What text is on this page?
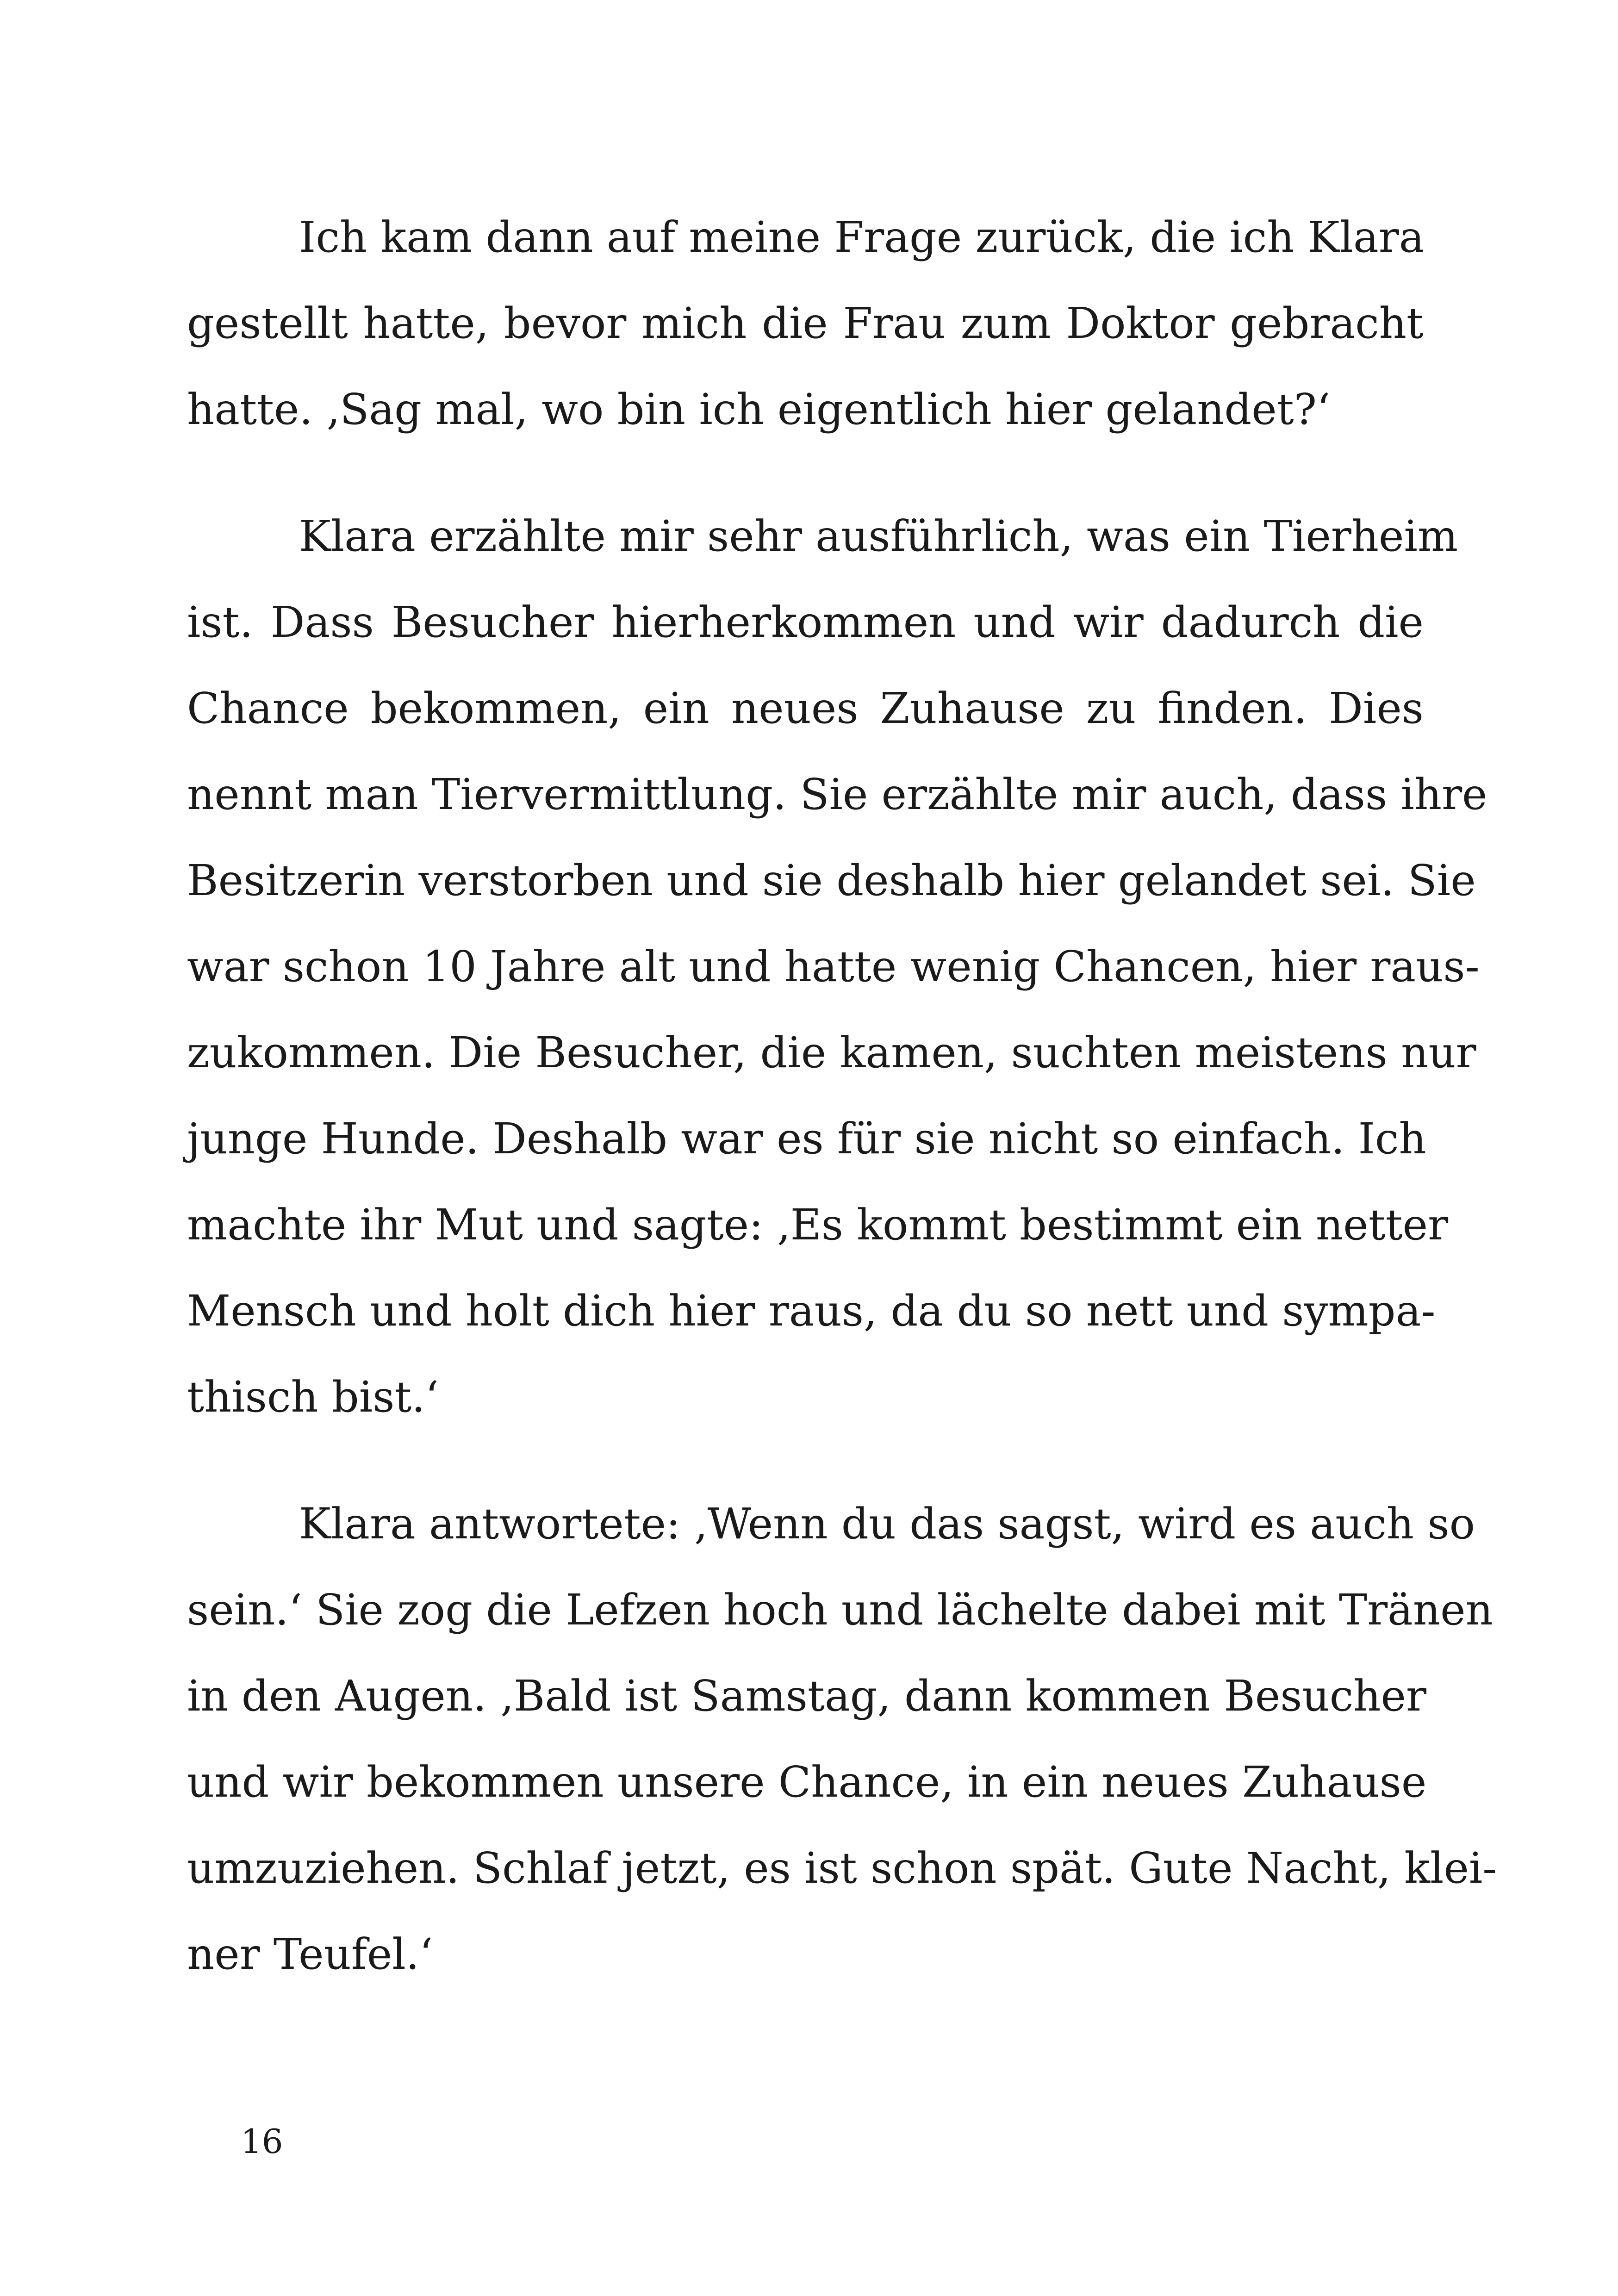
Ich kam dann auf meine Frage zurück, die ich Klara
gestellt hatte, bevor mich die Frau zum Doktor gebracht
hatte. ‚Sag mal, wo bin ich eigentlich hier gelandet?‘
Klara erzählte mir sehr ausführlich, was ein Tierheim
ist. Dass Besucher hierherkommen und wir dadurch die
Chance bekommen, ein neues Zuhause zu finden. Dies
nennt man Tiervermittlung. Sie erzählte mir auch, dass ihre
Besitzerin verstorben und sie deshalb hier gelandet sei. Sie
war schon 10 Jahre alt und hatte wenig Chancen, hier raus-
zukommen. Die Besucher, die kamen, suchten meistens nur
junge Hunde. Deshalb war es für sie nicht so einfach. Ich
machte ihr Mut und sagte: ‚Es kommt bestimmt ein netter
Mensch und holt dich hier raus, da du so nett und sympa-
thisch bist.‘
Klara antwortete: ‚Wenn du das sagst, wird es auch so
sein.‘ Sie zog die Lefzen hoch und lächelte dabei mit Tränen
in den Augen. ‚Bald ist Samstag, dann kommen Besucher
und wir bekommen unsere Chance, in ein neues Zuhause
umzuziehen. Schlaf jetzt, es ist schon spät. Gute Nacht, klei-
ner Teufel.‘
16
